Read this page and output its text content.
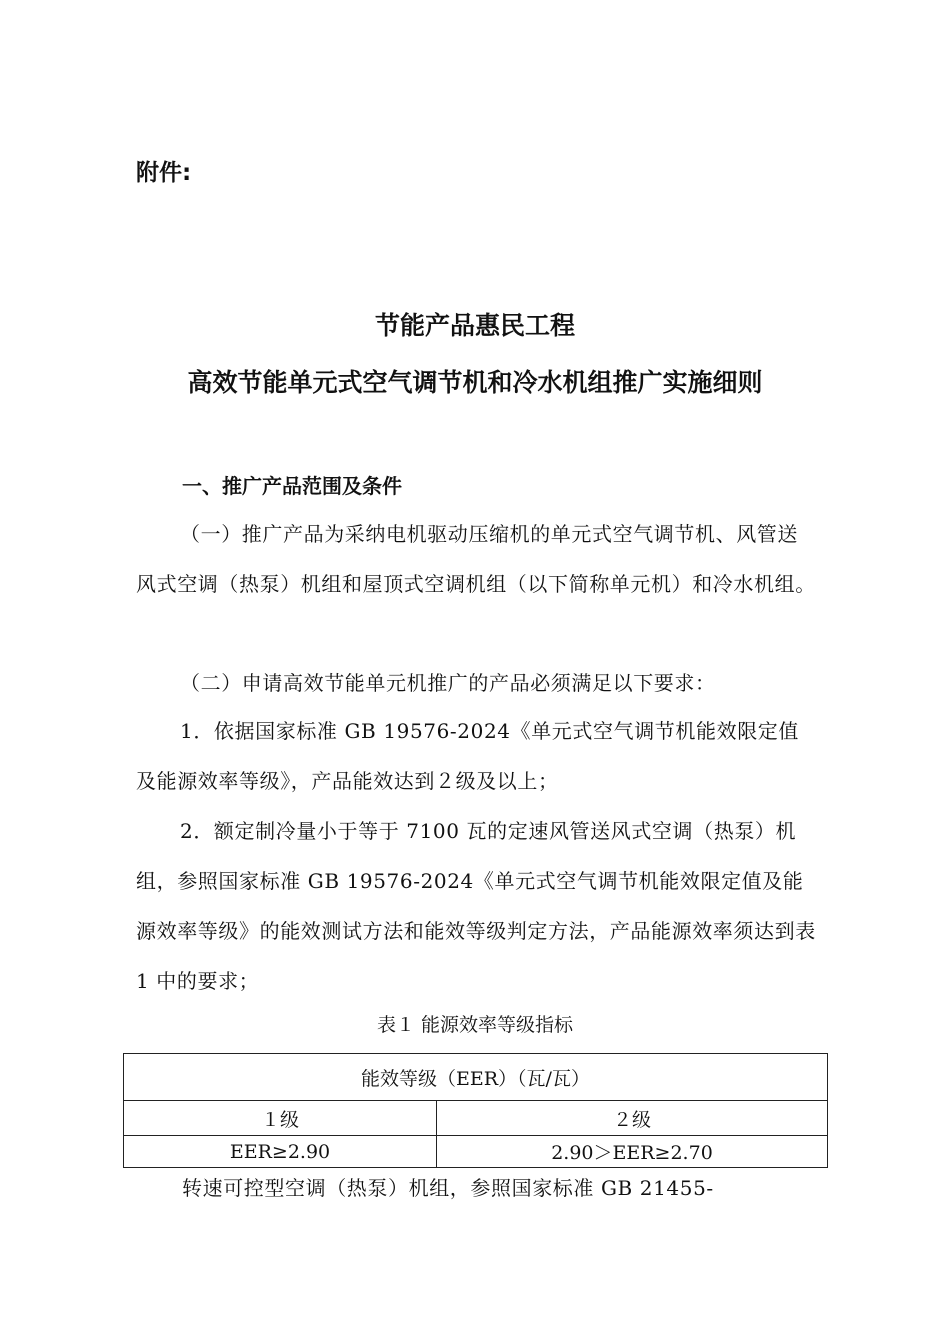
附件:
节能产品惠民工程
高效节能单元式空气调节机和冷水机组推广实施细则
一、推广产品范围及条件

（一）推广产品为采纳电机驱动压缩机的单元式空气调节机、风管送风式空调（热泵）机组和屋顶式空调机组（以下简称单元机）和冷水机组。

（二）申请高效节能单元机推广的产品必须满足以下要求：

1．依据国家标准 GB 19576-2024《单元式空气调节机能效限定值及能源效率等级》，产品能效达到２级及以上；

2．额定制冷量小于等于 7100 瓦的定速风管送风式空调（热泵）机组，参照国家标准 GB 19576-2024《单元式空气调节机能效限定值及能源效率等级》的能效测试方法和能效等级判定方法，产品能源效率须达到表 1 中的要求；

表１ 能源效率等级指标
能效等级（EER）（瓦/瓦）	
１级	２级
EER≥2.90	2.90＞EER≥2.70
转速可控型空调（热泵）机组，参照国家标准 GB 21455-
